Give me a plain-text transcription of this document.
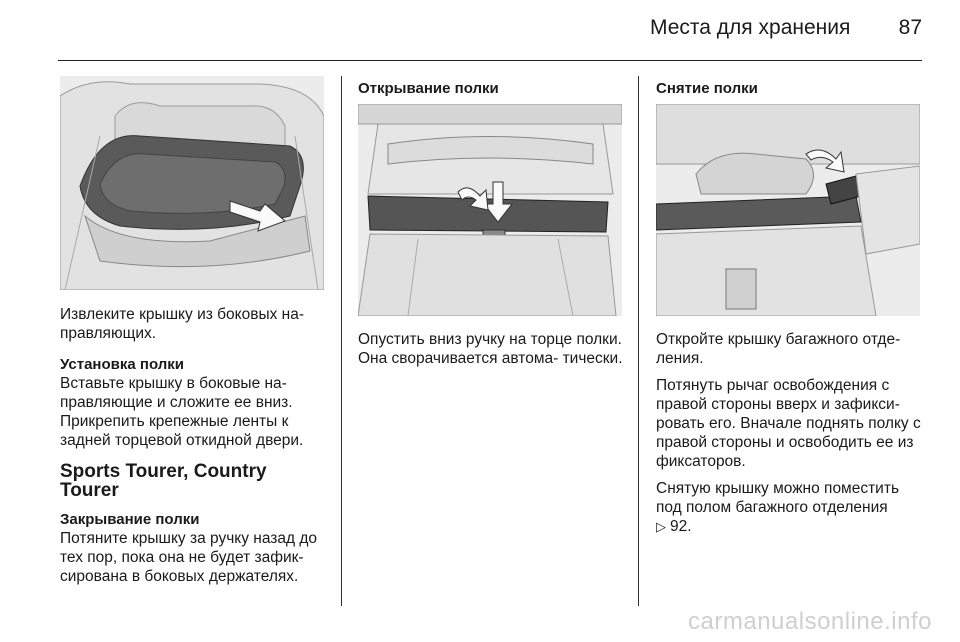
Места для хранения 87

Извлеките крышку из боковых на- правляющих.

Установка полки

Вставьте крышку в боковые на- правляющие и сложите ее вниз. Прикрепить крепежные ленты к задней торцевой откидной двери.

Sports Tourer, Country Tourer

Закрывание полки

Потяните крышку за ручку назад до тех пор, пока она не будет зафик- сирована в боковых держателях.

Открывание полки

Опустить вниз ручку на торце полки. Она сворачивается автома- тически.

Снятие полки

Откройте крышку багажного отде- ления.

Потянуть рычаг освобождения с правой стороны вверх и зафикси- ровать его. Вначале поднять полку с правой стороны и освободить ее из фиксаторов.

Снятую крышку можно поместить под полом багажного отделения

▷ 92.

carmanualsonline.info
